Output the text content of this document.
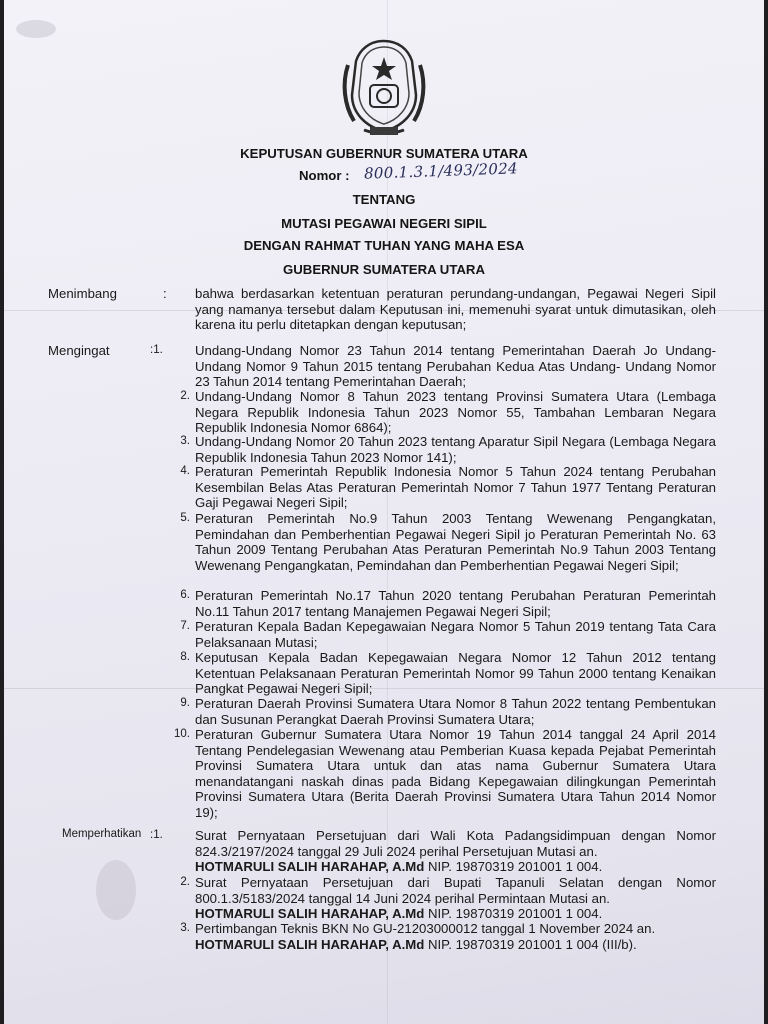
KEPUTUSAN GUBERNUR SUMATERA UTARA
Nomor : 800.1.3.1/493/2024
TENTANG
MUTASI PEGAWAI NEGERI SIPIL
DENGAN RAHMAT TUHAN YANG MAHA ESA
GUBERNUR SUMATERA UTARA
Menimbang	: bahwa berdasarkan ketentuan peraturan perundang-undangan, Pegawai Negeri Sipil yang namanya tersebut dalam Keputusan ini, memenuhi syarat untuk dimutasikan, oleh karena itu perlu ditetapkan dengan keputusan;
Mengingat	:1.	Undang-Undang Nomor 23 Tahun 2014 tentang Pemerintahan Daerah Jo Undang-Undang Nomor 9 Tahun 2015 tentang Perubahan Kedua Atas Undang- Undang Nomor 23 Tahun 2014 tentang Pemerintahan Daerah;
2. Undang-Undang Nomor 8 Tahun 2023 tentang Provinsi Sumatera Utara (Lembaga Negara Republik Indonesia Tahun 2023 Nomor 55, Tambahan Lembaran Negara Republik Indonesia Nomor 6864);
3. Undang-Undang Nomor 20 Tahun 2023 tentang Aparatur Sipil Negara (Lembaga Negara Republik Indonesia Tahun 2023 Nomor 141);
4. Peraturan Pemerintah Republik Indonesia Nomor 5 Tahun 2024 tentang Perubahan Kesembilan Belas Atas Peraturan Pemerintah Nomor 7 Tahun 1977 Tentang Peraturan Gaji Pegawai Negeri Sipil;
5. Peraturan Pemerintah No.9 Tahun 2003 Tentang Wewenang Pengangkatan, Pemindahan dan Pemberhentian Pegawai Negeri Sipil jo Peraturan Pemerintah No. 63 Tahun 2009 Tentang Perubahan Atas Peraturan Pemerintah No.9 Tahun 2003 Tentang Wewenang Pengangkatan, Pemindahan dan Pemberhentian Pegawai Negeri Sipil;
6. Peraturan Pemerintah No.17 Tahun 2020 tentang Perubahan Peraturan Pemerintah No.11 Tahun 2017 tentang Manajemen Pegawai Negeri Sipil;
7. Peraturan Kepala Badan Kepegawaian Negara Nomor 5 Tahun 2019 tentang Tata Cara Pelaksanaan Mutasi;
8. Keputusan Kepala Badan Kepegawaian Negara Nomor 12 Tahun 2012 tentang Ketentuan Pelaksanaan Peraturan Pemerintah Nomor 99 Tahun 2000 tentang Kenaikan Pangkat Pegawai Negeri Sipil;
9. Peraturan Daerah Provinsi Sumatera Utara Nomor 8 Tahun 2022 tentang Pembentukan dan Susunan Perangkat Daerah Provinsi Sumatera Utara;
10. Peraturan Gubernur Sumatera Utara Nomor 19 Tahun 2014 tanggal 24 April 2014 Tentang Pendelegasian Wewenang atau Pemberian Kuasa kepada Pejabat Pemerintah Provinsi Sumatera Utara untuk dan atas nama Gubernur Sumatera Utara menandatangani naskah dinas pada Bidang Kepegawaian dilingkungan Pemerintah Provinsi Sumatera Utara (Berita Daerah Provinsi Sumatera Utara Tahun 2014 Nomor 19);
Memperhatikan :1.	Surat Pernyataan Persetujuan dari Wali Kota Padangsidimpuan dengan Nomor 824.3/2197/2024 tanggal 29 Juli 2024 perihal Persetujuan Mutasi an.
HOTMARULI SALIH HARAHAP, A.Md NIP. 19870319 201001 1 004.
2. Surat Pernyataan Persetujuan dari Bupati Tapanuli Selatan dengan Nomor 800.1.3/5183/2024 tanggal 14 Juni 2024 perihal Permintaan Mutasi an.
HOTMARULI SALIH HARAHAP, A.Md NIP. 19870319 201001 1 004.
3. Pertimbangan Teknis BKN No GU-21203000012 tanggal 1 November 2024 an.
HOTMARULI SALIH HARAHAP, A.Md NIP. 19870319 201001 1 004 (III/b).
